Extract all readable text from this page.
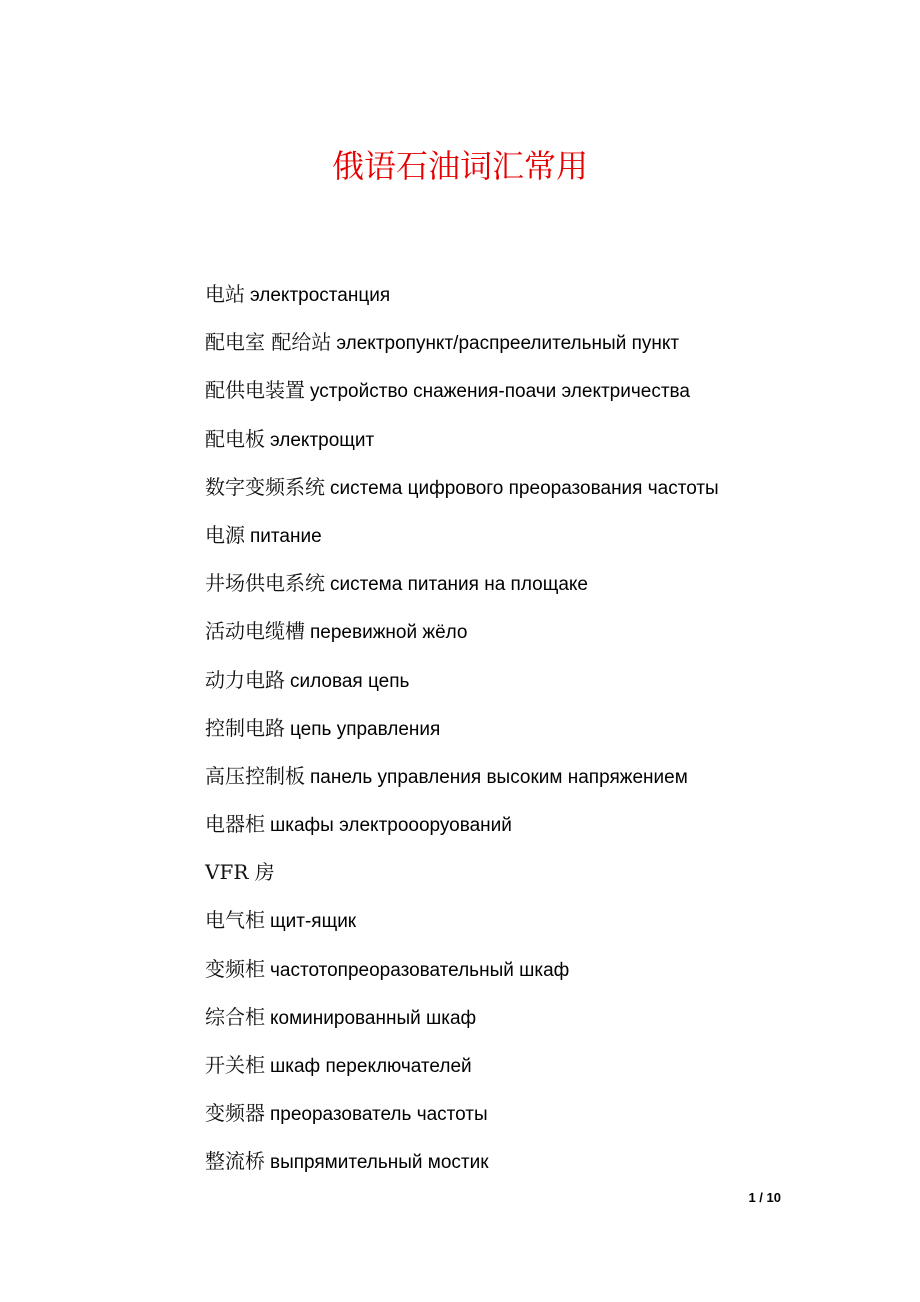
俄语石油词汇常用
电站 электростанция
配电室 配给站 электропункт/распреелительный пункт
配供电装置 устройство снажения-поачи электричества
配电板 электрощит
数字变频系统 система цифрового преоразования частоты
电源 питание
井场供电系统 система питания на площаке
活动电缆槽 перевижной жёло
动力电路 силовая цепь
控制电路 цепь управления
高压控制板 панель управления высоким напряжением
电器柜 шкафы электроооруований
VFR 房
电气柜 щит-ящик
变频柜 частотопреоразовательный шкаф
综合柜 коминированный шкаф
开关柜 шкаф переключателей
变频器 преоразователь частоты
整流桥 выпрямительный мостик
1 / 10
